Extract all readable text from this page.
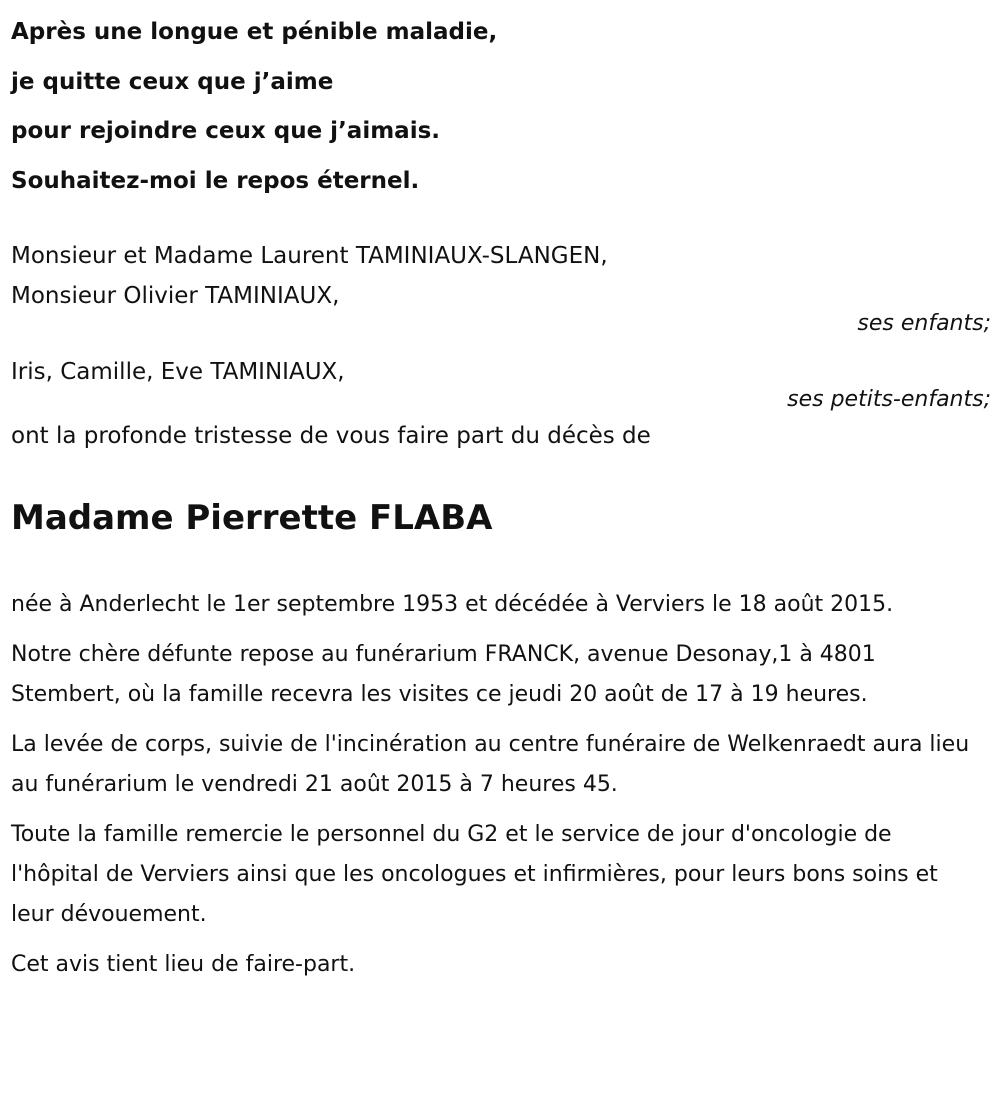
Après une longue et pénible maladie,
je quitte ceux que j’aime
pour rejoindre ceux que j’aimais.
Souhaitez-moi le repos éternel.
Monsieur et Madame Laurent TAMINIAUX-SLANGEN,
Monsieur Olivier TAMINIAUX,
ses enfants;
Iris, Camille, Eve TAMINIAUX,
ses petits-enfants;
ont la profonde tristesse de vous faire part du décès de
Madame Pierrette FLABA

née à Anderlecht le 1er septembre 1953 et décédée à Verviers le 18 août 2015.

Notre chère défunte repose au funérarium FRANCK, avenue Desonay,1 à 4801 Stembert, où la famille recevra les visites ce jeudi 20 août de 17 à 19 heures.

La levée de corps, suivie de l'incinération au centre funéraire de Welkenraedt aura lieu au funérarium le vendredi 21 août 2015 à 7 heures 45.

Toute la famille remercie le personnel du G2 et le service de jour d'oncologie de l'hôpital de Verviers ainsi que les oncologues et infirmières, pour leurs bons soins et leur dévouement.

Cet avis tient lieu de faire-part.
